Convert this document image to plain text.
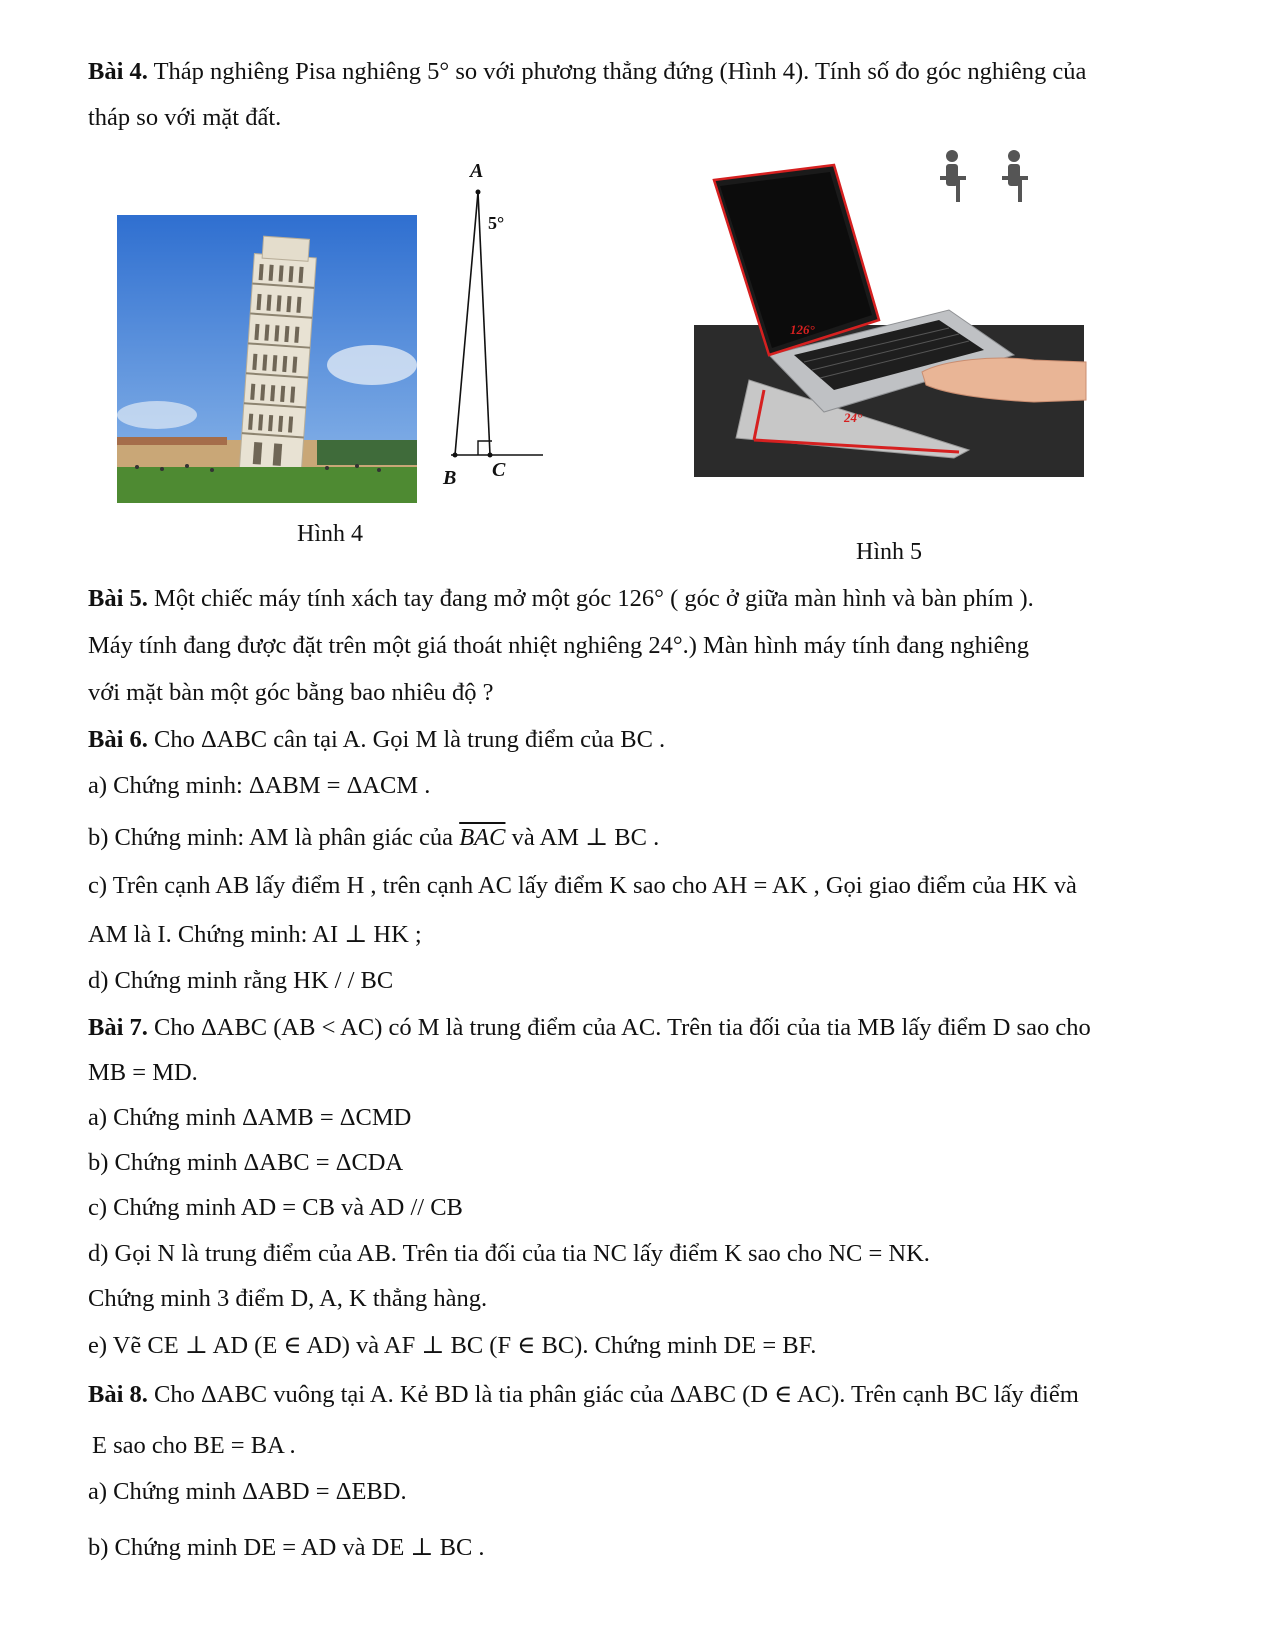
Bài 4. Tháp nghiêng Pisa nghiêng 5° so với phương thẳng đứng (Hình 4). Tính số đo góc nghiêng của
tháp so với mặt đất.
A
5°
B C
Hình 4
126°
24°
Hình 5
Bài 5. Một chiếc máy tính xách tay đang mở một góc 126° ( góc ở giữa màn hình và bàn phím ).
Máy tính đang được đặt trên một giá thoát nhiệt nghiêng 24°.) Màn hình máy tính đang nghiêng
với mặt bàn một góc bằng bao nhiêu độ ?
Bài 6. Cho ΔABC cân tại A. Gọi M là trung điểm của BC .
a) Chứng minh: ΔABM = ΔACM .
b) Chứng minh: AM là phân giác của $\overline{BAC}$ và AM ⊥ BC .
c) Trên cạnh AB lấy điểm H , trên cạnh AC lấy điểm K sao cho AH = AK , Gọi giao điểm của HK và
AM là I. Chứng minh: AI ⊥ HK ;
d) Chứng minh rằng HK / / BC
Bài 7. Cho ΔABC (AB < AC) có M là trung điểm của AC. Trên tia đối của tia MB lấy điểm D sao cho
MB = MD.
a) Chứng minh ΔAMB = ΔCMD
b) Chứng minh ΔABC = ΔCDA
c) Chứng minh AD = CB và AD // CB
d) Gọi N là trung điểm của AB. Trên tia đối của tia NC lấy điểm K sao cho NC = NK.
Chứng minh 3 điểm D, A, K thẳng hàng.
e) Vẽ CE ⊥ AD (E ∈ AD) và AF ⊥ BC (F ∈ BC). Chứng minh DE = BF.
Bài 8. Cho ΔABC vuông tại A. Kẻ BD là tia phân giác của ΔABC (D ∈ AC). Trên cạnh BC lấy điểm
E sao cho BE = BA .
a) Chứng minh ΔABD = ΔEBD.
b) Chứng minh DE = AD và DE ⊥ BC .
